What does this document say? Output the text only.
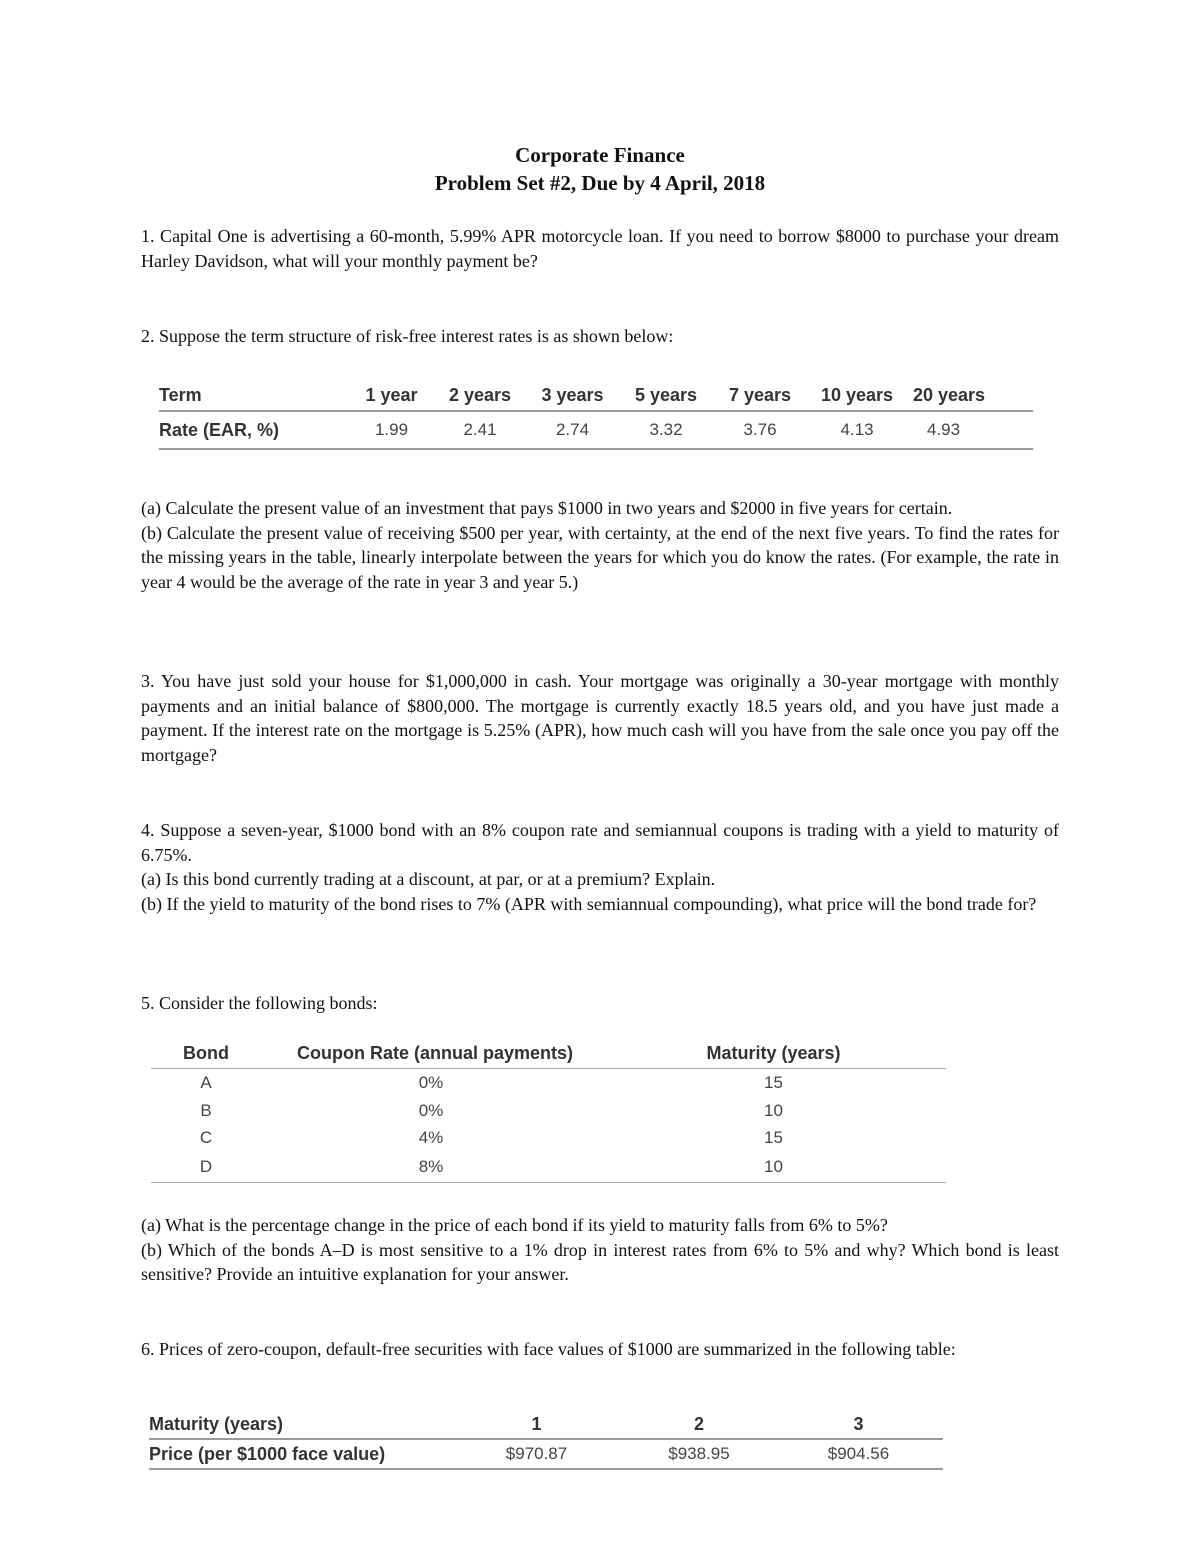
Corporate Finance
Problem Set #2, Due by 4 April, 2018

1. Capital One is advertising a 60-month, 5.99% APR motorcycle loan. If you need to borrow $8000 to purchase your dream Harley Davidson, what will your monthly payment be?

2. Suppose the term structure of risk-free interest rates is as shown below:

Term	1 year	2 years	3 years	5 years	7 years	10 years	20 years
Rate (EAR, %)	1.99	2.41	2.74	3.32	3.76	4.13	4.93

(a) Calculate the present value of an investment that pays $1000 in two years and $2000 in five years for certain.

(b) Calculate the present value of receiving $500 per year, with certainty, at the end of the next five years. To find the rates for the missing years in the table, linearly interpolate between the years for which you do know the rates. (For example, the rate in year 4 would be the average of the rate in year 3 and year 5.)

3. You have just sold your house for $1,000,000 in cash. Your mortgage was originally a 30-year mortgage with monthly payments and an initial balance of $800,000. The mortgage is currently exactly 18.5 years old, and you have just made a payment. If the interest rate on the mortgage is 5.25% (APR), how much cash will you have from the sale once you pay off the mortgage?

4. Suppose a seven-year, $1000 bond with an 8% coupon rate and semiannual coupons is trading with a yield to maturity of 6.75%.

(a) Is this bond currently trading at a discount, at par, or at a premium? Explain.

(b) If the yield to maturity of the bond rises to 7% (APR with semiannual compounding), what price will the bond trade for?

5. Consider the following bonds:

Bond	Coupon Rate (annual payments)	Maturity (years)
A	0%	15
B	0%	10
C	4%	15
D	8%	10

(a) What is the percentage change in the price of each bond if its yield to maturity falls from 6% to 5%?

(b) Which of the bonds A–D is most sensitive to a 1% drop in interest rates from 6% to 5% and why? Which bond is least sensitive? Provide an intuitive explanation for your answer.

6. Prices of zero-coupon, default-free securities with face values of $1000 are summarized in the following table:

Maturity (years)	1	2	3
Price (per $1000 face value)	$970.87	$938.95	$904.56
